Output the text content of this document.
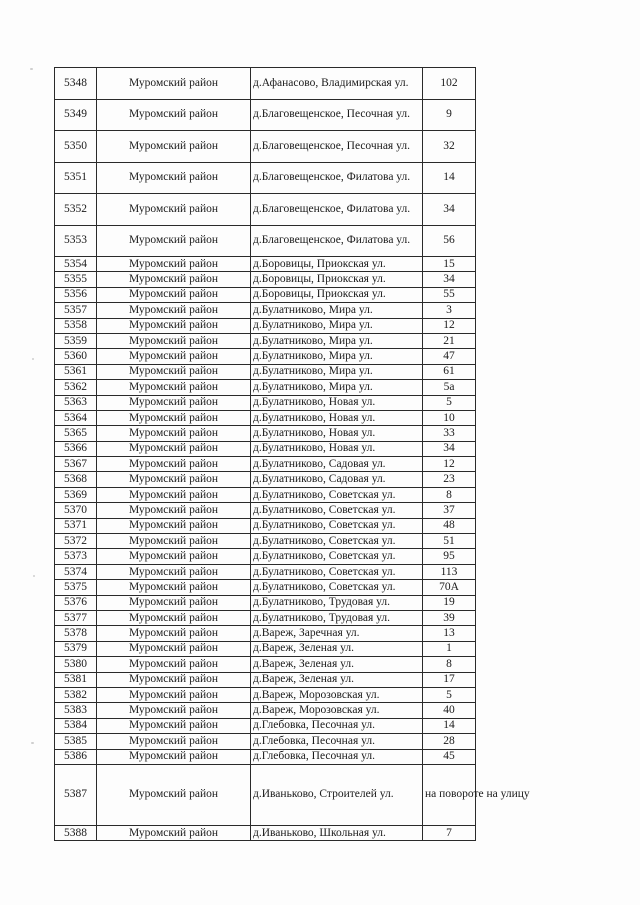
5348	Муромский район	д.Афанасово, Владимирская ул.	102
5349	Муромский район	д.Благовещенское, Песочная ул.	9
5350	Муромский район	д.Благовещенское, Песочная ул.	32
5351	Муромский район	д.Благовещенское, Филатова ул.	14
5352	Муромский район	д.Благовещенское, Филатова ул.	34
5353	Муромский район	д.Благовещенское, Филатова ул.	56
5354	Муромский район	д.Боровицы, Приокская ул.	15
5355	Муромский район	д.Боровицы, Приокская ул.	34
5356	Муромский район	д.Боровицы, Приокская ул.	55
5357	Муромский район	д.Булатниково, Мира ул.	3
5358	Муромский район	д.Булатниково, Мира ул.	12
5359	Муромский район	д.Булатниково, Мира ул.	21
5360	Муромский район	д.Булатниково, Мира ул.	47
5361	Муромский район	д.Булатниково, Мира ул.	61
5362	Муромский район	д.Булатниково, Мира ул.	5а
5363	Муромский район	д.Булатниково, Новая ул.	5
5364	Муромский район	д.Булатниково, Новая ул.	10
5365	Муромский район	д.Булатниково, Новая ул.	33
5366	Муромский район	д.Булатниково, Новая ул.	34
5367	Муромский район	д.Булатниково, Садовая ул.	12
5368	Муромский район	д.Булатниково, Садовая ул.	23
5369	Муромский район	д.Булатниково, Советская ул.	8
5370	Муромский район	д.Булатниково, Советская ул.	37
5371	Муромский район	д.Булатниково, Советская ул.	48
5372	Муромский район	д.Булатниково, Советская ул.	51
5373	Муромский район	д.Булатниково, Советская ул.	95
5374	Муромский район	д.Булатниково, Советская ул.	113
5375	Муромский район	д.Булатниково, Советская ул.	70А
5376	Муромский район	д.Булатниково, Трудовая ул.	19
5377	Муромский район	д.Булатниково, Трудовая ул.	39
5378	Муромский район	д.Вареж, Заречная ул.	13
5379	Муромский район	д.Вареж, Зеленая ул.	1
5380	Муромский район	д.Вареж, Зеленая ул.	8
5381	Муромский район	д.Вареж, Зеленая ул.	17
5382	Муромский район	д.Вареж, Морозовская ул.	5
5383	Муромский район	д.Вареж, Морозовская ул.	40
5384	Муромский район	д.Глебовка, Песочная ул.	14
5385	Муромский район	д.Глебовка, Песочная ул.	28
5386	Муромский район	д.Глебовка, Песочная ул.	45
5387	Муромский район	д.Иваньково, Строителей ул.	на повороте на улицу
5388	Муромский район	д.Иваньково, Школьная ул.	7
